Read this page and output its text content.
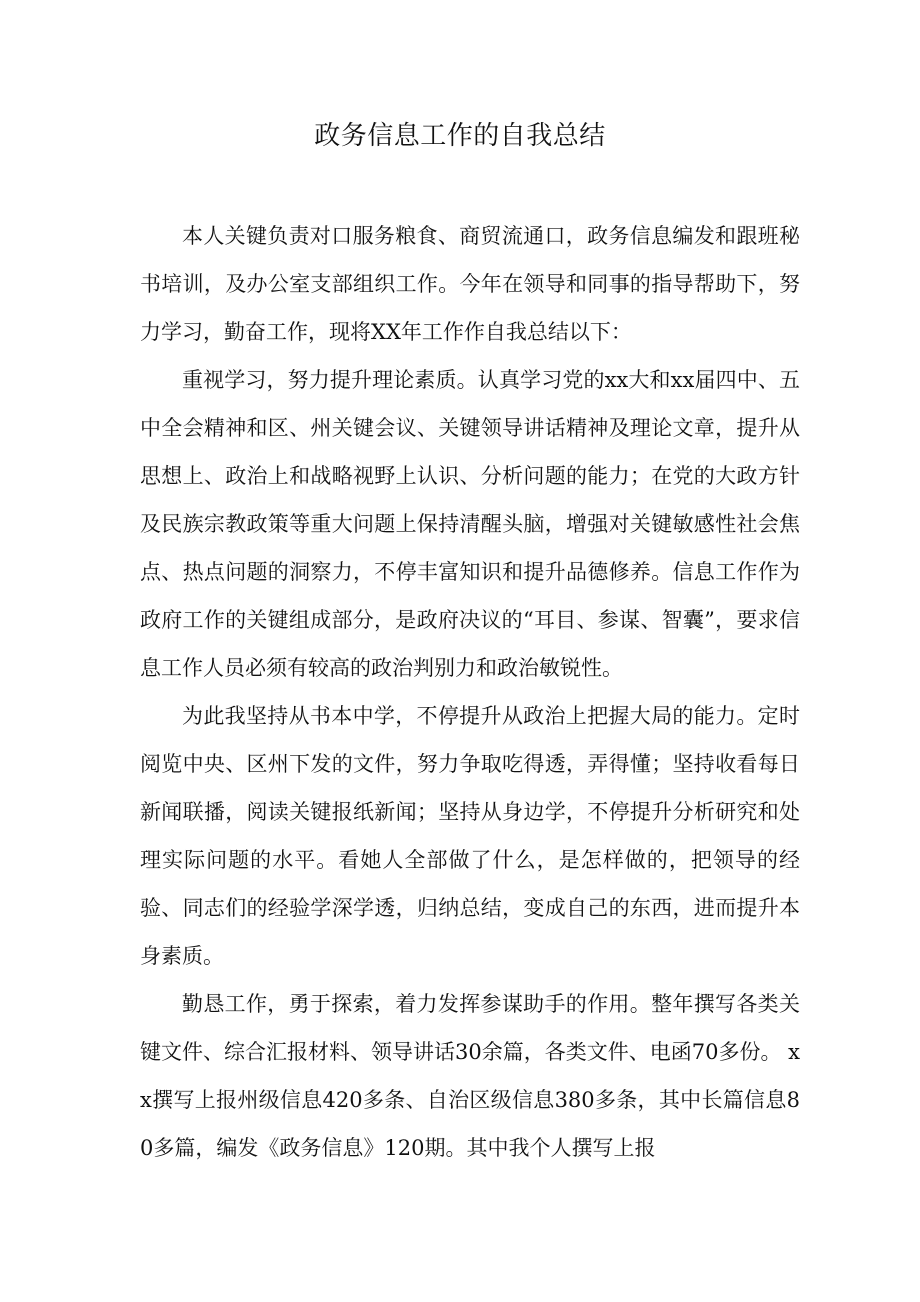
政务信息工作的自我总结

本人关键负责对口服务粮食、商贸流通口，政务信息编发和跟班秘书培训，及办公室支部组织工作。今年在领导和同事的指导帮助下，努力学习，勤奋工作，现将XX年工作作自我总结以下：

重视学习，努力提升理论素质。认真学习党的xx大和xx届四中、五中全会精神和区、州关键会议、关键领导讲话精神及理论文章，提升从思想上、政治上和战略视野上认识、分析问题的能力；在党的大政方针及民族宗教政策等重大问题上保持清醒头脑，增强对关键敏感性社会焦点、热点问题的洞察力，不停丰富知识和提升品德修养。信息工作作为政府工作的关键组成部分，是政府决议的“耳目、参谋、智囊”，要求信息工作人员必须有较高的政治判别力和政治敏锐性。

为此我坚持从书本中学，不停提升从政治上把握大局的能力。定时阅览中央、区州下发的文件，努力争取吃得透，弄得懂；坚持收看每日新闻联播，阅读关键报纸新闻；坚持从身边学，不停提升分析研究和处理实际问题的水平。看她人全部做了什么，是怎样做的，把领导的经验、同志们的经验学深学透，归纳总结，变成自己的东西，进而提升本身素质。

勤恳工作，勇于探索，着力发挥参谋助手的作用。整年撰写各类关键文件、综合汇报材料、领导讲话30余篇，各类文件、电函70多份。 xx撰写上报州级信息420多条、自治区级信息380多条，其中长篇信息80多篇，编发《政务信息》120期。其中我个人撰写上报
